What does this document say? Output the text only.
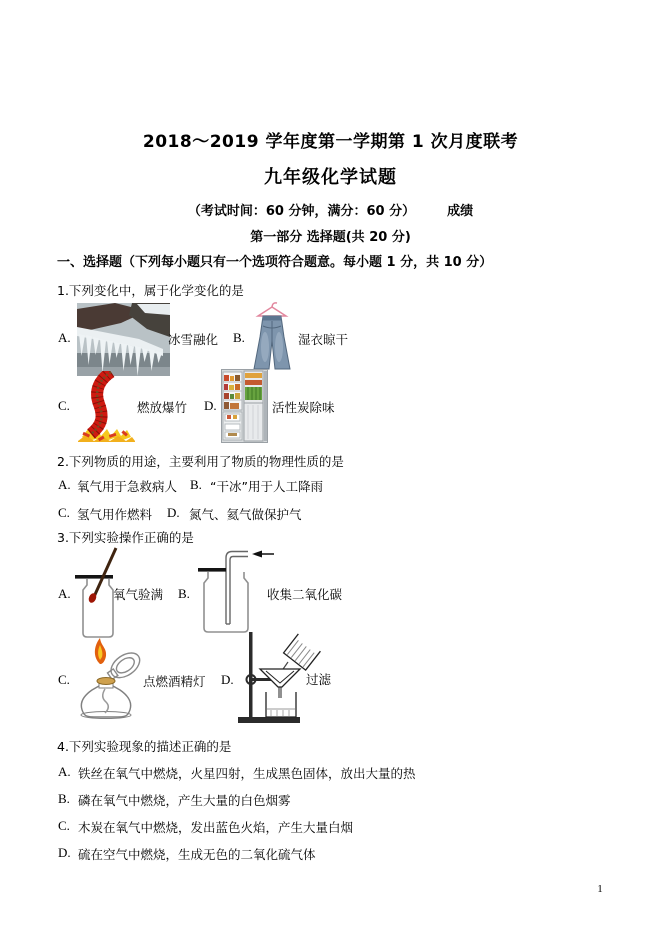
2018～2019 学年度第一学期第 1 次月度联考
九年级化学试题
（考试时间：60 分钟，满分：60 分） 成绩
第一部分 选择题(共 20 分)
一、选择题（下列每小题只有一个选项符合题意。每小题 1 分，共 10 分）
1.下列变化中，属于化学变化的是
A.	冰雪融化 B.	湿衣晾干
C.	燃放爆竹 D.	活性炭除味
2.下列物质的用途，主要利用了物质的物理性质的是
A. 氧气用于急救病人 B. “干冰”用于人工降雨
C. 氢气用作燃料 D. 氮气、氦气做保护气
3.下列实验操作正确的是
A.	氧气验满 B.	收集二氧化碳
C.	点燃酒精灯 D.	过滤
4.下列实验现象的描述正确的是
A. 铁丝在氧气中燃烧，火星四射，生成黑色固体，放出大量的热
B. 磷在氧气中燃烧，产生大量的白色烟雾
C. 木炭在氧气中燃烧，发出蓝色火焰，产生大量白烟
D. 硫在空气中燃烧，生成无色的二氧化硫气体
1
